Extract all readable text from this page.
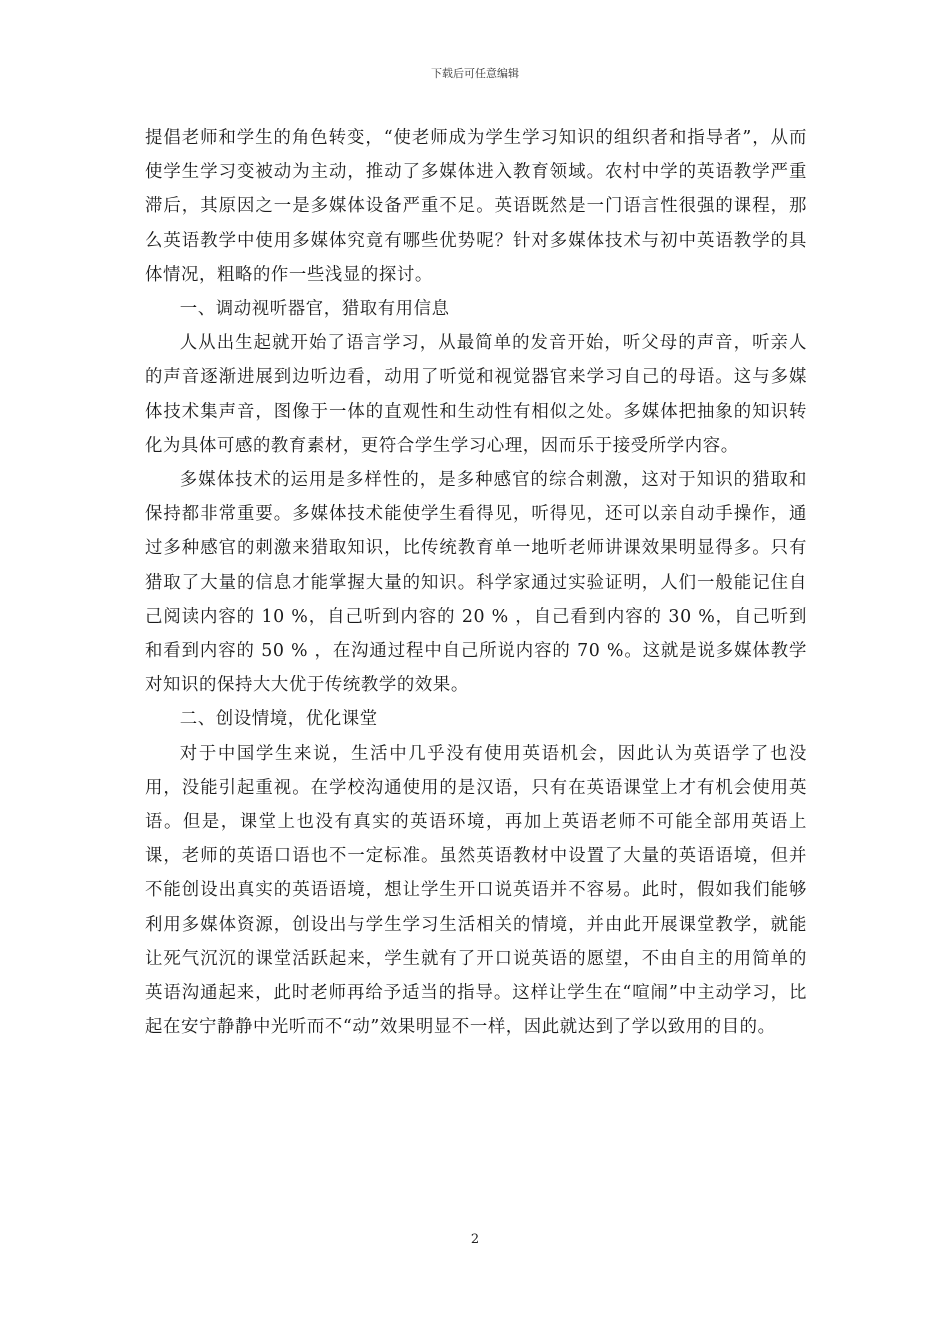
下载后可任意编辑

提倡老师和学生的角色转变，“使老师成为学生学习知识的组织者和指导者”，从而使学生学习变被动为主动，推动了多媒体进入教育领域。农村中学的英语教学严重滞后，其原因之一是多媒体设备严重不足。英语既然是一门语言性很强的课程，那么英语教学中使用多媒体究竟有哪些优势呢？针对多媒体技术与初中英语教学的具体情况，粗略的作一些浅显的探讨。

一、调动视听器官，猎取有用信息

人从出生起就开始了语言学习，从最简单的发音开始，听父母的声音，听亲人的声音逐渐进展到边听边看，动用了听觉和视觉器官来学习自己的母语。这与多媒体技术集声音，图像于一体的直观性和生动性有相似之处。多媒体把抽象的知识转化为具体可感的教育素材，更符合学生学习心理，因而乐于接受所学内容。

多媒体技术的运用是多样性的，是多种感官的综合刺激，这对于知识的猎取和保持都非常重要。多媒体技术能使学生看得见，听得见，还可以亲自动手操作，通过多种感官的刺激来猎取知识，比传统教育单一地听老师讲课效果明显得多。只有猎取了大量的信息才能掌握大量的知识。科学家通过实验证明，人们一般能记住自己阅读内容的 10 %，自己听到内容的 20 % ，自己看到内容的 30 %，自己听到和看到内容的 50 % ，在沟通过程中自己所说内容的 70 %。这就是说多媒体教学对知识的保持大大优于传统教学的效果。

二、创设情境，优化课堂

对于中国学生来说，生活中几乎没有使用英语机会，因此认为英语学了也没用，没能引起重视。在学校沟通使用的是汉语，只有在英语课堂上才有机会使用英语。但是，课堂上也没有真实的英语环境，再加上英语老师不可能全部用英语上课，老师的英语口语也不一定标准。虽然英语教材中设置了大量的英语语境，但并不能创设出真实的英语语境，想让学生开口说英语并不容易。此时，假如我们能够利用多媒体资源，创设出与学生学习生活相关的情境，并由此开展课堂教学，就能让死气沉沉的课堂活跃起来，学生就有了开口说英语的愿望，不由自主的用简单的英语沟通起来，此时老师再给予适当的指导。这样让学生在“喧闹”中主动学习，比起在安宁静静中光听而不“动”效果明显不一样，因此就达到了学以致用的目的。

2
